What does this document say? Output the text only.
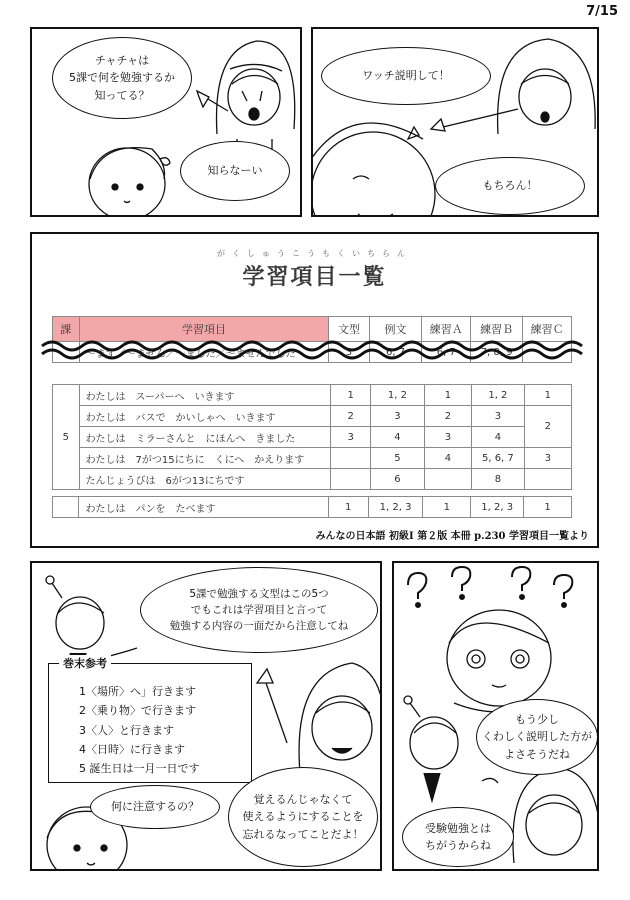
7/15
チャチャは
5課で何を勉強するか
知ってる？
知らなーい
ワッチ説明して！
もちろん！
がくしゅうこうもくいちらん
学習項目一覧
課	学習項目	文型	例文	練習Ａ	練習Ｂ	練習Ｃ
	〜ます／〜ません／〜ました／〜ませんでした	3	6, 7	6, 7	7, 8, 9	
5	わたしは　スーパーへ　いきます	1	1, 2	1	1, 2	1
	わたしは　バスで　かいしゃへ　いきます	2	3	2	3	2
	わたしは　ミラーさんと　にほんへ　きました	3	4	3	4	
	わたしは　7がつ15にちに　くにへ　かえります		5	4	5, 6, 7	3
	たんじょうびは　6がつ13にちです		6		8	
	わたしは　パンを　たべます	1	1, 2, 3	1	1, 2, 3	1
みんなの日本語 初級Ⅰ 第２版 本冊 p.230 学習項目一覧より
5課で勉強する文型はこの5つ
でもこれは学習項目と言って
勉強する内容の一面だから注意してね
巻末参考
1〈場所〉へ」行きます
2〈乗り物〉で行きます
3〈人〉と行きます
4〈日時〉に行きます
5 誕生日は一月一日です
何に注意するの？
覚えるんじゃなくて
使えるようにすることを
忘れるなってことだよ！
もう少し
くわしく説明した方が
よさそうだね
受験勉強とは
ちがうからね
